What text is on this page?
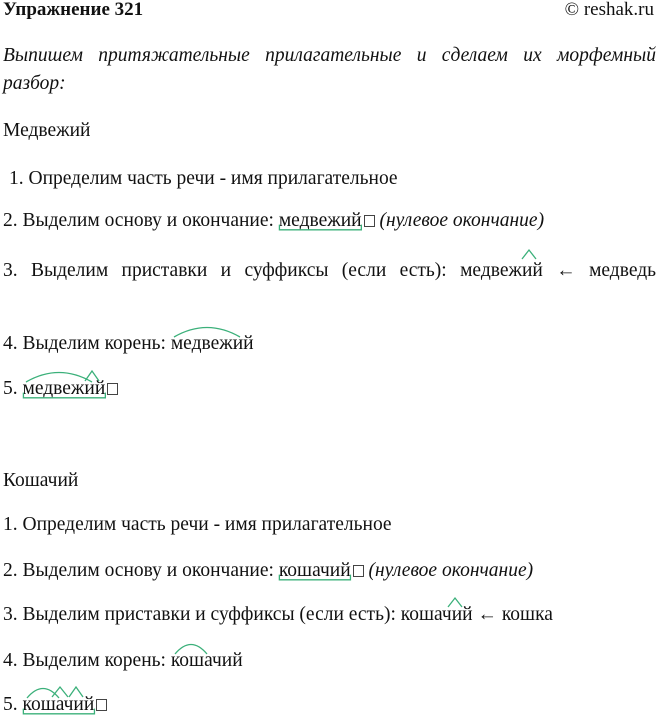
Упражнение 321	© reshak.ru
Выпишем притяжательные прилагательные и сделаем их морфемный разбор:
Медвежий
1. Определим часть речи - имя прилагательное
2. Выделим основу и окончание: медвежий (нулевое окончание)
3. Выделим приставки и суффиксы (если есть): медвежий ← медведь
4. Выделим корень: медвежий
5. медвежий
Кошачий
1. Определим часть речи - имя прилагательное
2. Выделим основу и окончание: кошачий (нулевое окончание)
3. Выделим приставки и суффиксы (если есть): кошачий ← кошка
4. Выделим корень: кошачий
5. кошачий
